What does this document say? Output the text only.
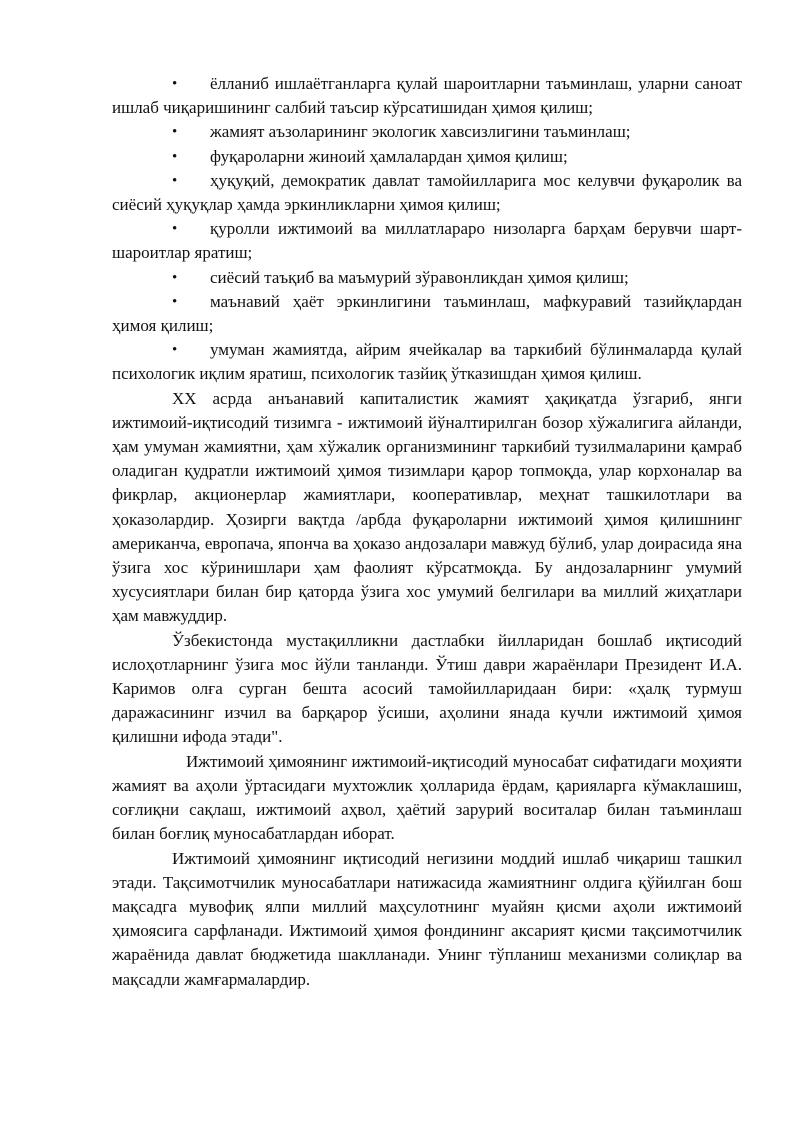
• ёлланиб ишлаётганларга қулай шароитларни таъминлаш, уларни саноат ишлаб чиқаришининг салбий таъсир кўрсатишидан ҳимоя қилиш;
• жамият аъзоларининг экологик хавсизлигини таъминлаш;
• фуқароларни жиноий ҳамлалардан ҳимоя қилиш;
• ҳуқуқий, демократик давлат тамойилларига мос келувчи фуқаролик ва сиёсий ҳуқуқлар ҳамда эркинликларни ҳимоя қилиш;
• қуролли ижтимоий ва миллатлараро низоларга барҳам берувчи шарт-шароитлар яратиш;
• сиёсий таъқиб ва маъмурий зўравонликдан ҳимоя қилиш;
• маънавий ҳаёт эркинлигини таъминлаш, мафкуравий тазийқлардан ҳимоя қилиш;
• умуман жамиятда, айрим ячейкалар ва таркибий бўлинмаларда қулай психологик иқлим яратиш, психологик тазйиқ ўтказишдан ҳимоя қилиш.

XX асрда анъанавий капиталистик жамият ҳақиқатда ўзгариб, янги ижтимоий-иқтисодий тизимга - ижтимоий йўналтирилган бозор хўжалигига айланди, ҳам умуман жамиятни, ҳам хўжалик организмининг таркибий тузилмаларини қамраб оладиган қудратли ижтимоий ҳимоя тизимлари қарор топмоқда, улар корхоналар ва фикрлар, акционерлар жамиятлари, кооперативлар, меҳнат ташкилотлари ва ҳоказолардир. Ҳозирги вақтда /арбда фуқароларни ижтимоий ҳимоя қилишнинг американча, европача, японча ва ҳоказо андозалари мавжуд бўлиб, улар доирасида яна ўзига хос кўринишлари ҳам фаолият кўрсатмоқда. Бу андозаларнинг умумий хусусиятлари билан бир қаторда ўзига хос умумий белгилари ва миллий жиҳатлари ҳам мавжуддир.

Ўзбекистонда мустақилликни дастлабки йилларидан бошлаб иқтисодий ислоҳотларнинг ўзига мос йўли танланди. Ўтиш даври жараёнлари Президент И.А. Каримов олға сурган бешта асосий тамойилларидаан бири: «ҳалқ турмуш даражасининг изчил ва барқарор ўсиши, аҳолини янада кучли ижтимоий ҳимоя қилишни ифода этади".

Ижтимоий ҳимоянинг ижтимоий-иқтисодий муносабат сифатидаги моҳияти жамият ва аҳоли ўртасидаги мухтожлик ҳолларида ёрдам, қарияларга кўмаклашиш, соғлиқни сақлаш, ижтимоий аҳвол, ҳаётий зарурий воситалар билан таъминлаш билан боғлиқ муносабатлардан иборат.

Ижтимоий ҳимоянинг иқтисодий негизини моддий ишлаб чиқариш ташкил этади. Тақсимотчилик муносабатлари натижасида жамиятнинг олдига қўйилган бош мақсадга мувофиқ ялпи миллий маҳсулотнинг муайян қисми аҳоли ижтимоий ҳимоясига сарфланади. Ижтимоий ҳимоя фондининг аксарият қисми тақсимотчилик жараёнида давлат бюджетида шаклланади. Унинг тўпланиш механизми солиқлар ва мақсадли жамғармалардир.
